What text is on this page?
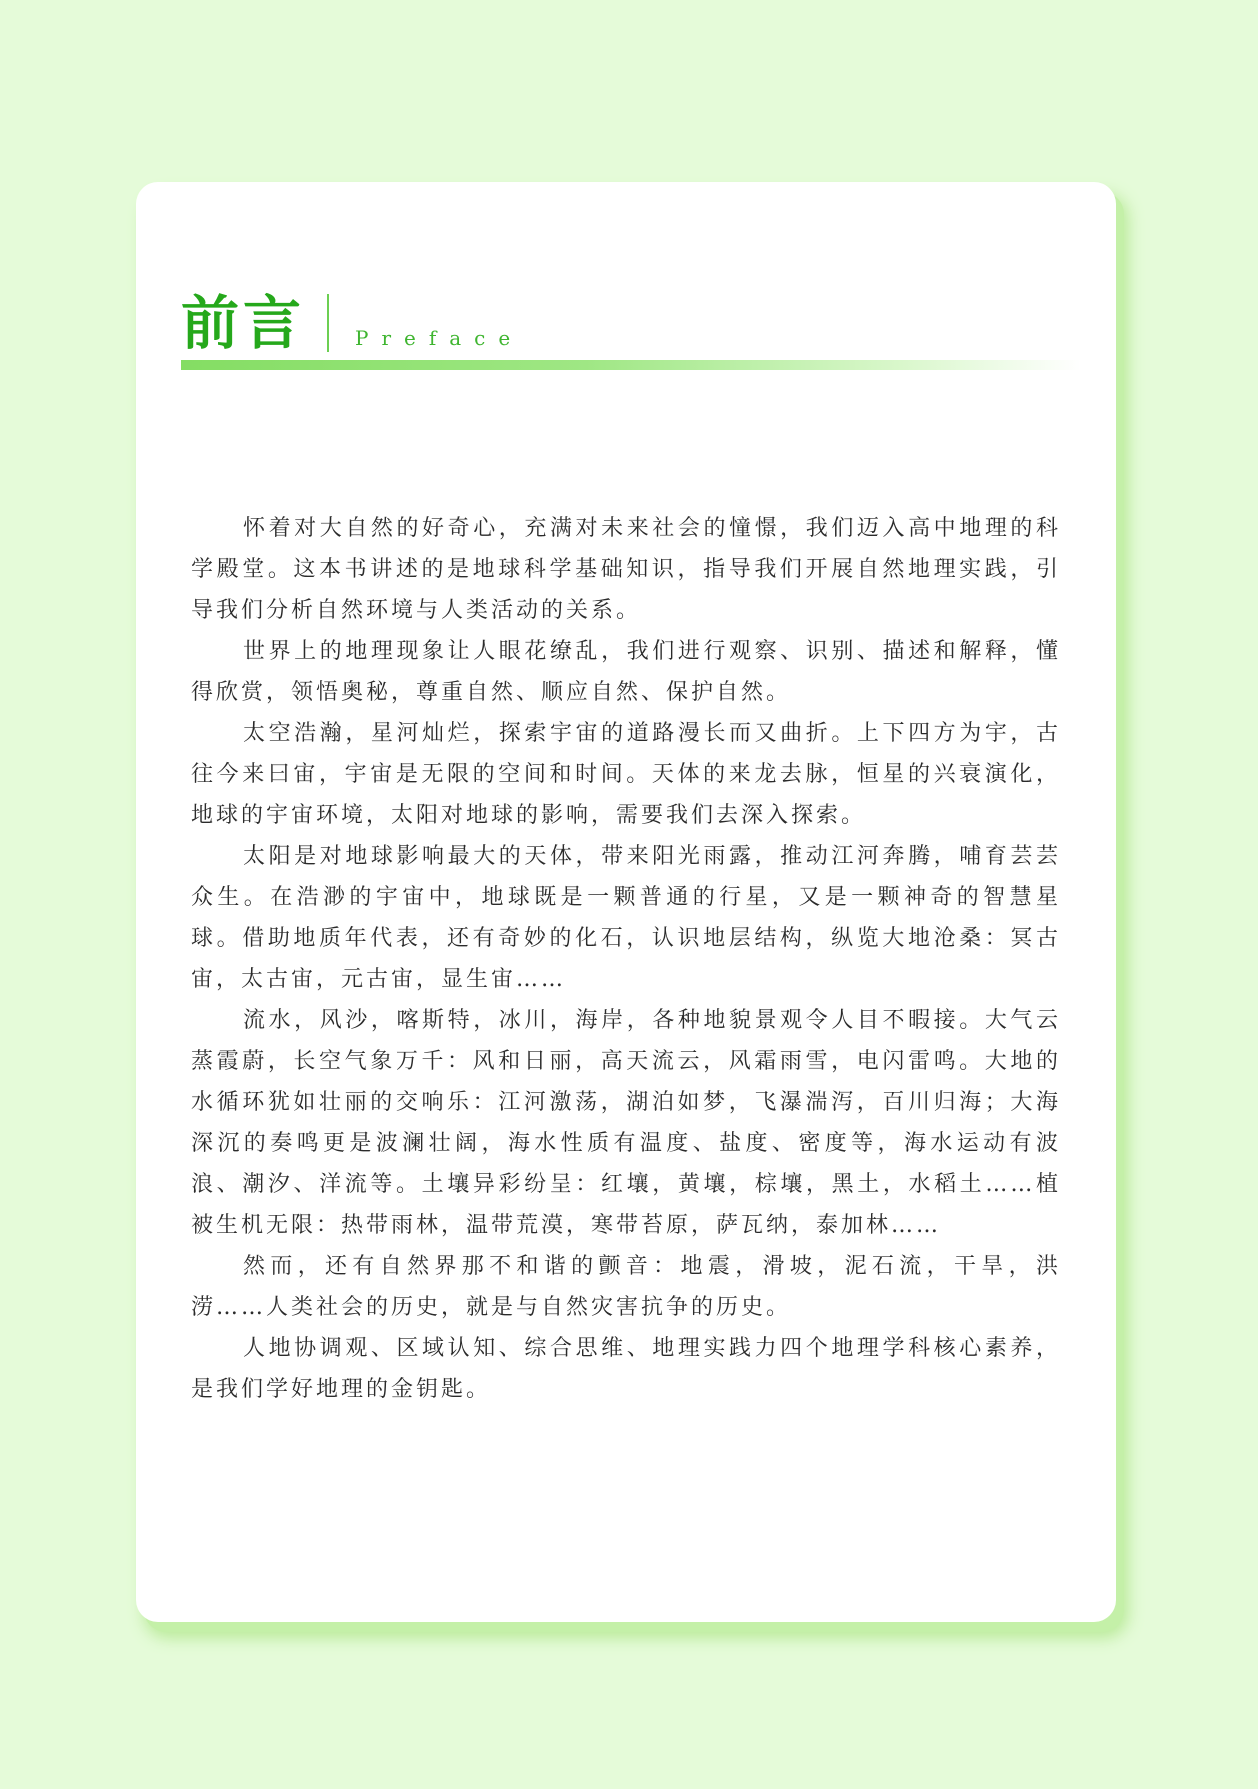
前言 Preface

怀着对大自然的好奇心，充满对未来社会的憧憬，我们迈入高中地理的科学殿堂。这本书讲述的是地球科学基础知识，指导我们开展自然地理实践，引导我们分析自然环境与人类活动的关系。

世界上的地理现象让人眼花缭乱，我们进行观察、识别、描述和解释，懂得欣赏，领悟奥秘，尊重自然、顺应自然、保护自然。

太空浩瀚，星河灿烂，探索宇宙的道路漫长而又曲折。上下四方为宇，古往今来曰宙，宇宙是无限的空间和时间。天体的来龙去脉，恒星的兴衰演化，地球的宇宙环境，太阳对地球的影响，需要我们去深入探索。

太阳是对地球影响最大的天体，带来阳光雨露，推动江河奔腾，哺育芸芸众生。在浩渺的宇宙中，地球既是一颗普通的行星，又是一颗神奇的智慧星球。借助地质年代表，还有奇妙的化石，认识地层结构，纵览大地沧桑：冥古宙，太古宙，元古宙，显生宙……

流水，风沙，喀斯特，冰川，海岸，各种地貌景观令人目不暇接。大气云蒸霞蔚，长空气象万千：风和日丽，高天流云，风霜雨雪，电闪雷鸣。大地的水循环犹如壮丽的交响乐：江河激荡，湖泊如梦，飞瀑湍泻，百川归海；大海深沉的奏鸣更是波澜壮阔，海水性质有温度、盐度、密度等，海水运动有波浪、潮汐、洋流等。土壤异彩纷呈：红壤，黄壤，棕壤，黑土，水稻土……植被生机无限：热带雨林，温带荒漠，寒带苔原，萨瓦纳，泰加林……

然而，还有自然界那不和谐的颤音：地震，滑坡，泥石流，干旱，洪涝……人类社会的历史，就是与自然灾害抗争的历史。

人地协调观、区域认知、综合思维、地理实践力四个地理学科核心素养，是我们学好地理的金钥匙。
